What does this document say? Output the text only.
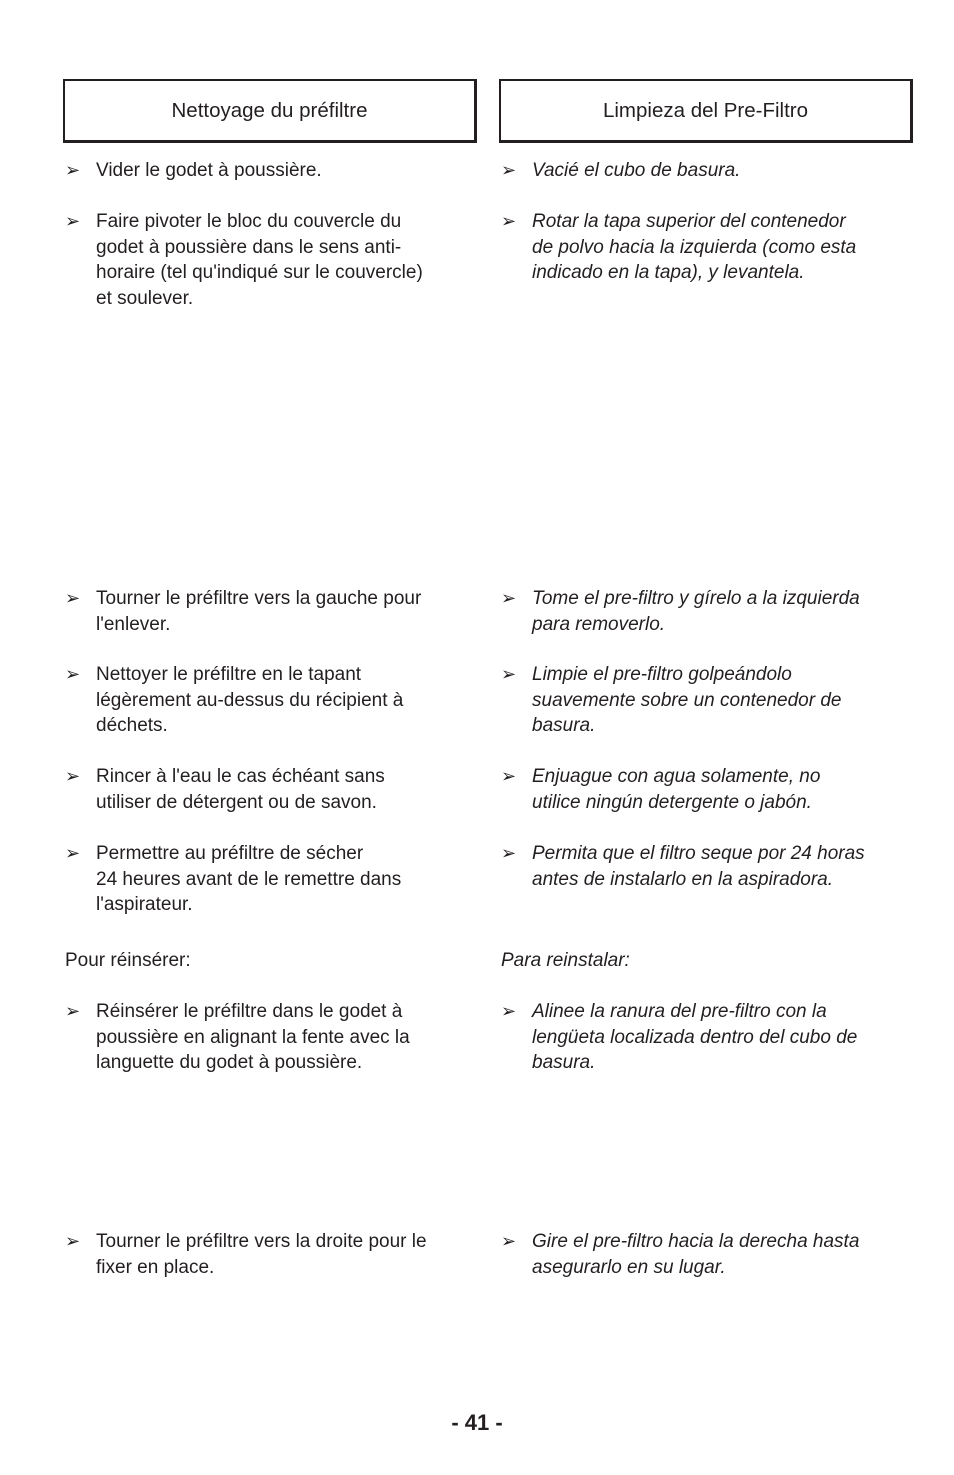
Nettoyage du préfiltre
➢ Vider le godet à poussière.
➢ Faire pivoter le bloc du couvercle du
godet à poussière dans le sens anti-
horaire (tel qu'indiqué sur le couvercle)
et soulever.
➢ Tourner le préfiltre vers la gauche pour
l'enlever.
➢ Nettoyer le préfiltre en le tapant
légèrement au-dessus du récipient à
déchets.
➢ Rincer à l'eau le cas échéant sans
utiliser de détergent ou de savon.
➢ Permettre au préfiltre de sécher
24 heures avant de le remettre dans
l'aspirateur.
Pour réinsérer:
➢ Réinsérer le préfiltre dans le godet à
poussière en alignant la fente avec la
languette du godet à poussière.
➢ Tourner le préfiltre vers la droite pour le
fixer en place.
Limpieza del Pre-Filtro
➢ Vacié el cubo de basura.
➢ Rotar la tapa superior del contenedor
de polvo hacia la izquierda (como esta
indicado en la tapa), y levantela.
➢ Tome el pre-filtro y gírelo a la izquierda
para removerlo.
➢ Limpie el pre-filtro golpeándolo
suavemente sobre un contenedor de
basura.
➢ Enjuague con agua solamente, no
utilice ningún detergente o jabón.
➢ Permita que el filtro seque por 24 horas
antes de instalarlo en la aspiradora.
Para reinstalar:
➢ Alinee la ranura del pre-filtro con la
lengüeta localizada dentro del cubo de
basura.
➢ Gire el pre-filtro hacia la derecha hasta
asegurarlo en su lugar.
- 41 -
